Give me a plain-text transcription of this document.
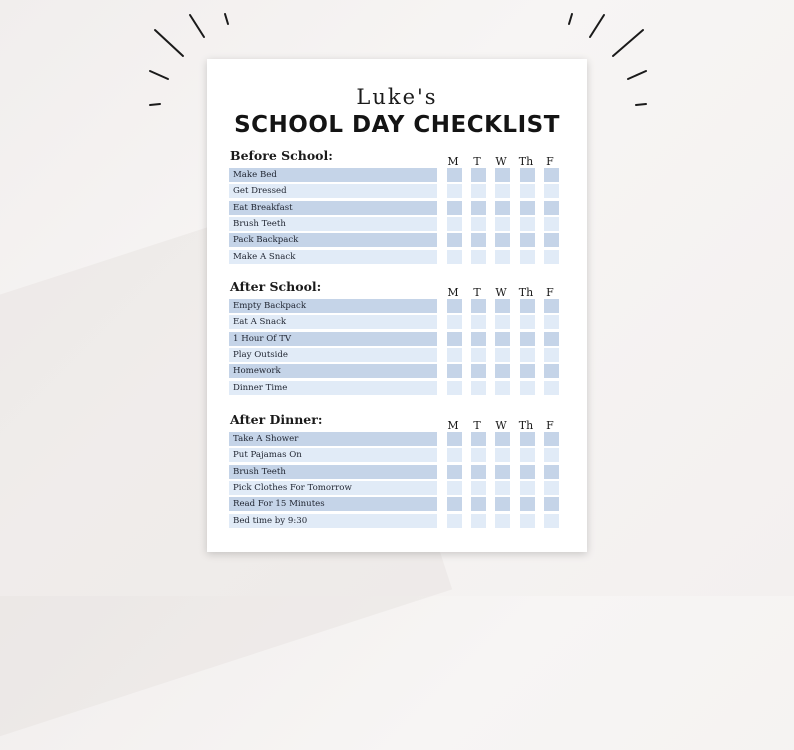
Luke's
SCHOOL DAY CHECKLIST
Before School:	M	T	W	Th	F
Make Bed
Get Dressed
Eat Breakfast
Brush Teeth
Pack Backpack
Make A Snack
After School:	M	T	W	Th	F
Empty Backpack
Eat A Snack
1 Hour Of TV
Play Outside
Homework
Dinner Time
After Dinner:	M	T	W	Th	F
Take A Shower
Put Pajamas On
Brush Teeth
Pick Clothes For Tomorrow
Read For 15 Minutes
Bed time by 9:30
